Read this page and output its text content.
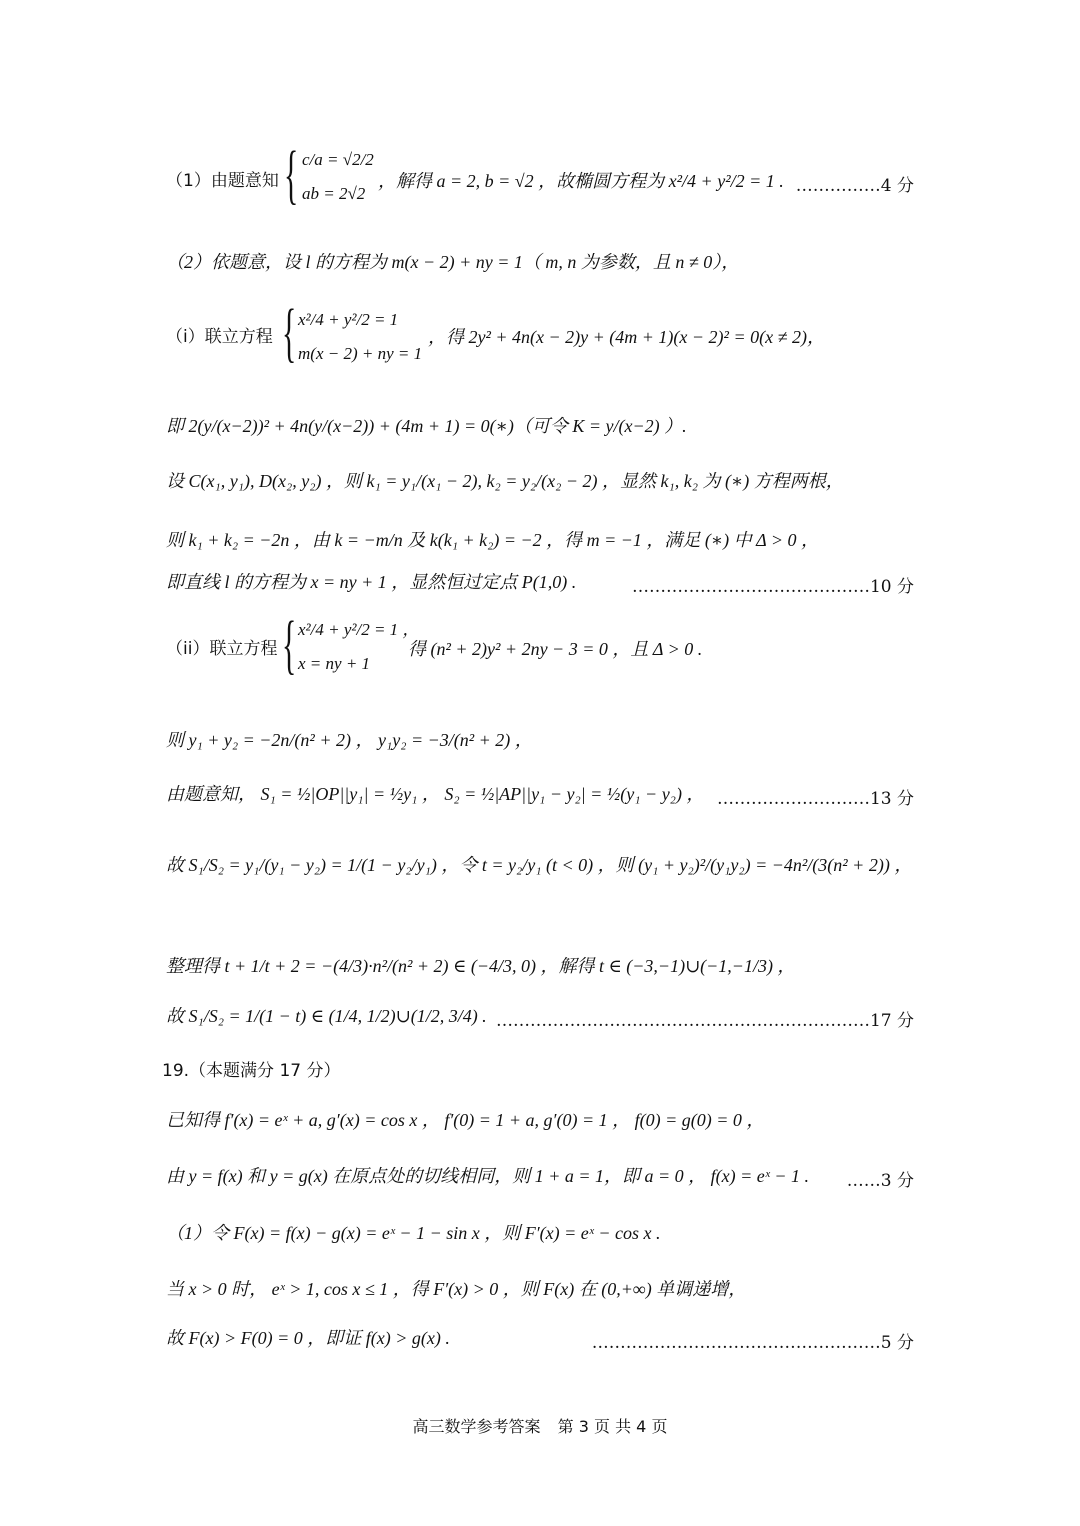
（1）由题意知 { c/a = √2/2
ab = 2√2
，解得 a = 2, b = √2 ，故椭圆方程为 x²/4 + y²/2 = 1 . ……………4 分
（2）依题意，设 l 的方程为 m(x − 2) + ny = 1（ m, n 为参数，且 n ≠ 0），
（i）联立方程 { x²/4 + y²/2 = 1
m(x − 2) + ny = 1
，得 2y² + 4n(x − 2)y + (4m + 1)(x − 2)² = 0(x ≠ 2)，
即 2(y/(x−2))² + 4n(y/(x−2)) + (4m + 1) = 0(∗)（可令 K = y/(x−2) ）.
设 C(x₁, y₁), D(x₂, y₂) ，则 k₁ = y₁/(x₁ − 2), k₂ = y₂/(x₂ − 2) ，显然 k₁, k₂ 为 (∗) 方程两根，
则 k₁ + k₂ = −2n ，由 k = −m/n 及 k(k₁ + k₂) = −2 ，得 m = −1 ，满足 (∗) 中 Δ > 0 ，
即直线 l 的方程为 x = ny + 1 ，显然恒过定点 P(1,0) .	……………………………………10 分
（ii）联立方程 { x²/4 + y²/2 = 1 ，
x = ny + 1
得 (n² + 2)y² + 2ny − 3 = 0 ，且 Δ > 0 .
则 y₁ + y₂ = −2n/(n² + 2) ， y₁y₂ = −3/(n² + 2) ，
由题意知， S₁ = ½|OP||y₁| = ½y₁ ， S₂ = ½|AP||y₁ − y₂| = ½(y₁ − y₂) ， ………………………13 分
故 S₁/S₂ = y₁/(y₁ − y₂) = 1/(1 − y₂/y₁) ，令 t = y₂/y₁ (t < 0) ，则 (y₁ + y₂)²/(y₁y₂) = −4n²/(3(n² + 2)) ，
整理得 t + 1/t + 2 = −(4/3)·n²/(n² + 2) ∈ (−4/3, 0) ，解得 t ∈ (−3,−1)∪(−1,−1/3) ，
故 S₁/S₂ = 1/(1 − t) ∈ (1/4, 1/2)∪(1/2, 3/4) . …………………………………………………………17 分
19.（本题满分 17 分）
已知得 f′(x) = eˣ + a, g′(x) = cos x ， f′(0) = 1 + a, g′(0) = 1 ， f(0) = g(0) = 0 ，
由 y = f(x) 和 y = g(x) 在原点处的切线相同，则 1 + a = 1，即 a = 0 ， f(x) = eˣ − 1 . ……3 分
（1）令 F(x) = f(x) − g(x) = eˣ − 1 − sin x ，则 F′(x) = eˣ − cos x .
当 x > 0 时， eˣ > 1, cos x ≤ 1 ，得 F′(x) > 0 ，则 F(x) 在 (0,+∞) 单调递增，
故 F(x) > F(0) = 0 ，即证 f(x) > g(x) .	……………………………………………5 分
高三数学参考答案 第 3 页 共 4 页
